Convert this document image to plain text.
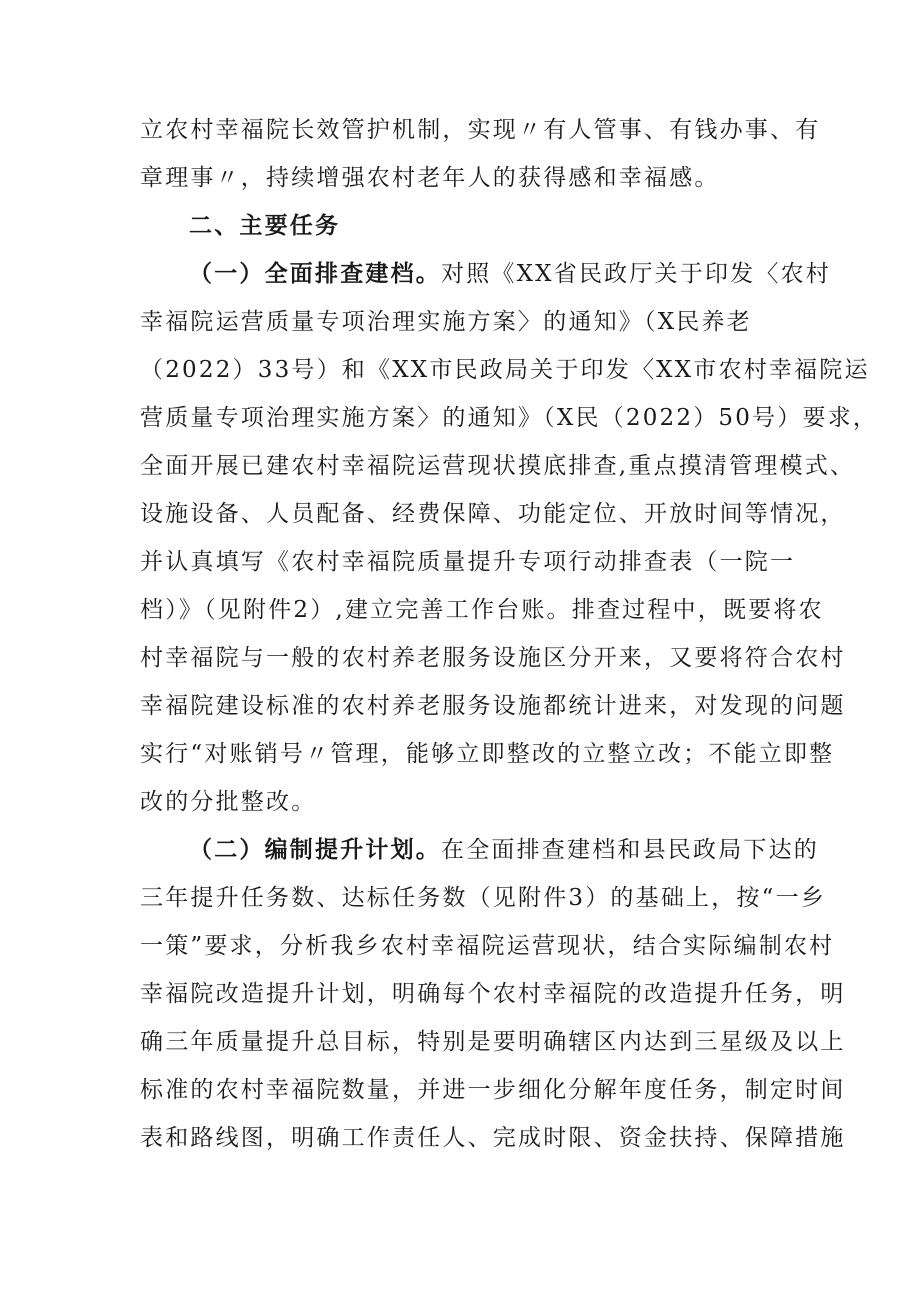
立农村幸福院长效管护机制，实现〃有人管事、有钱办事、有
章理事〃，持续增强农村老年人的获得感和幸福感。
二、主要任务
（一）全面排查建档。对照《XX省民政厅关于印发〈农村
幸福院运营质量专项治理实施方案〉的通知》（X民养老
（2022）33号）和《XX市民政局关于印发〈XX市农村幸福院运
营质量专项治理实施方案〉的通知》（X民（2022）50号）要求，
全面开展已建农村幸福院运营现状摸底排查,重点摸清管理模式、
设施设备、人员配备、经费保障、功能定位、开放时间等情况，
并认真填写《农村幸福院质量提升专项行动排查表（一院一
档）》（见附件2）,建立完善工作台账。排查过程中，既要将农
村幸福院与一般的农村养老服务设施区分开来，又要将符合农村
幸福院建设标准的农村养老服务设施都统计进来，对发现的问题
实行“对账销号〃管理，能够立即整改的立整立改；不能立即整
改的分批整改。
（二）编制提升计划。在全面排查建档和县民政局下达的
三年提升任务数、达标任务数（见附件3）的基础上，按“一乡
一策”要求，分析我乡农村幸福院运营现状，结合实际编制农村
幸福院改造提升计划，明确每个农村幸福院的改造提升任务，明
确三年质量提升总目标，特别是要明确辖区内达到三星级及以上
标准的农村幸福院数量，并进一步细化分解年度任务，制定时间
表和路线图，明确工作责任人、完成时限、资金扶持、保障措施
